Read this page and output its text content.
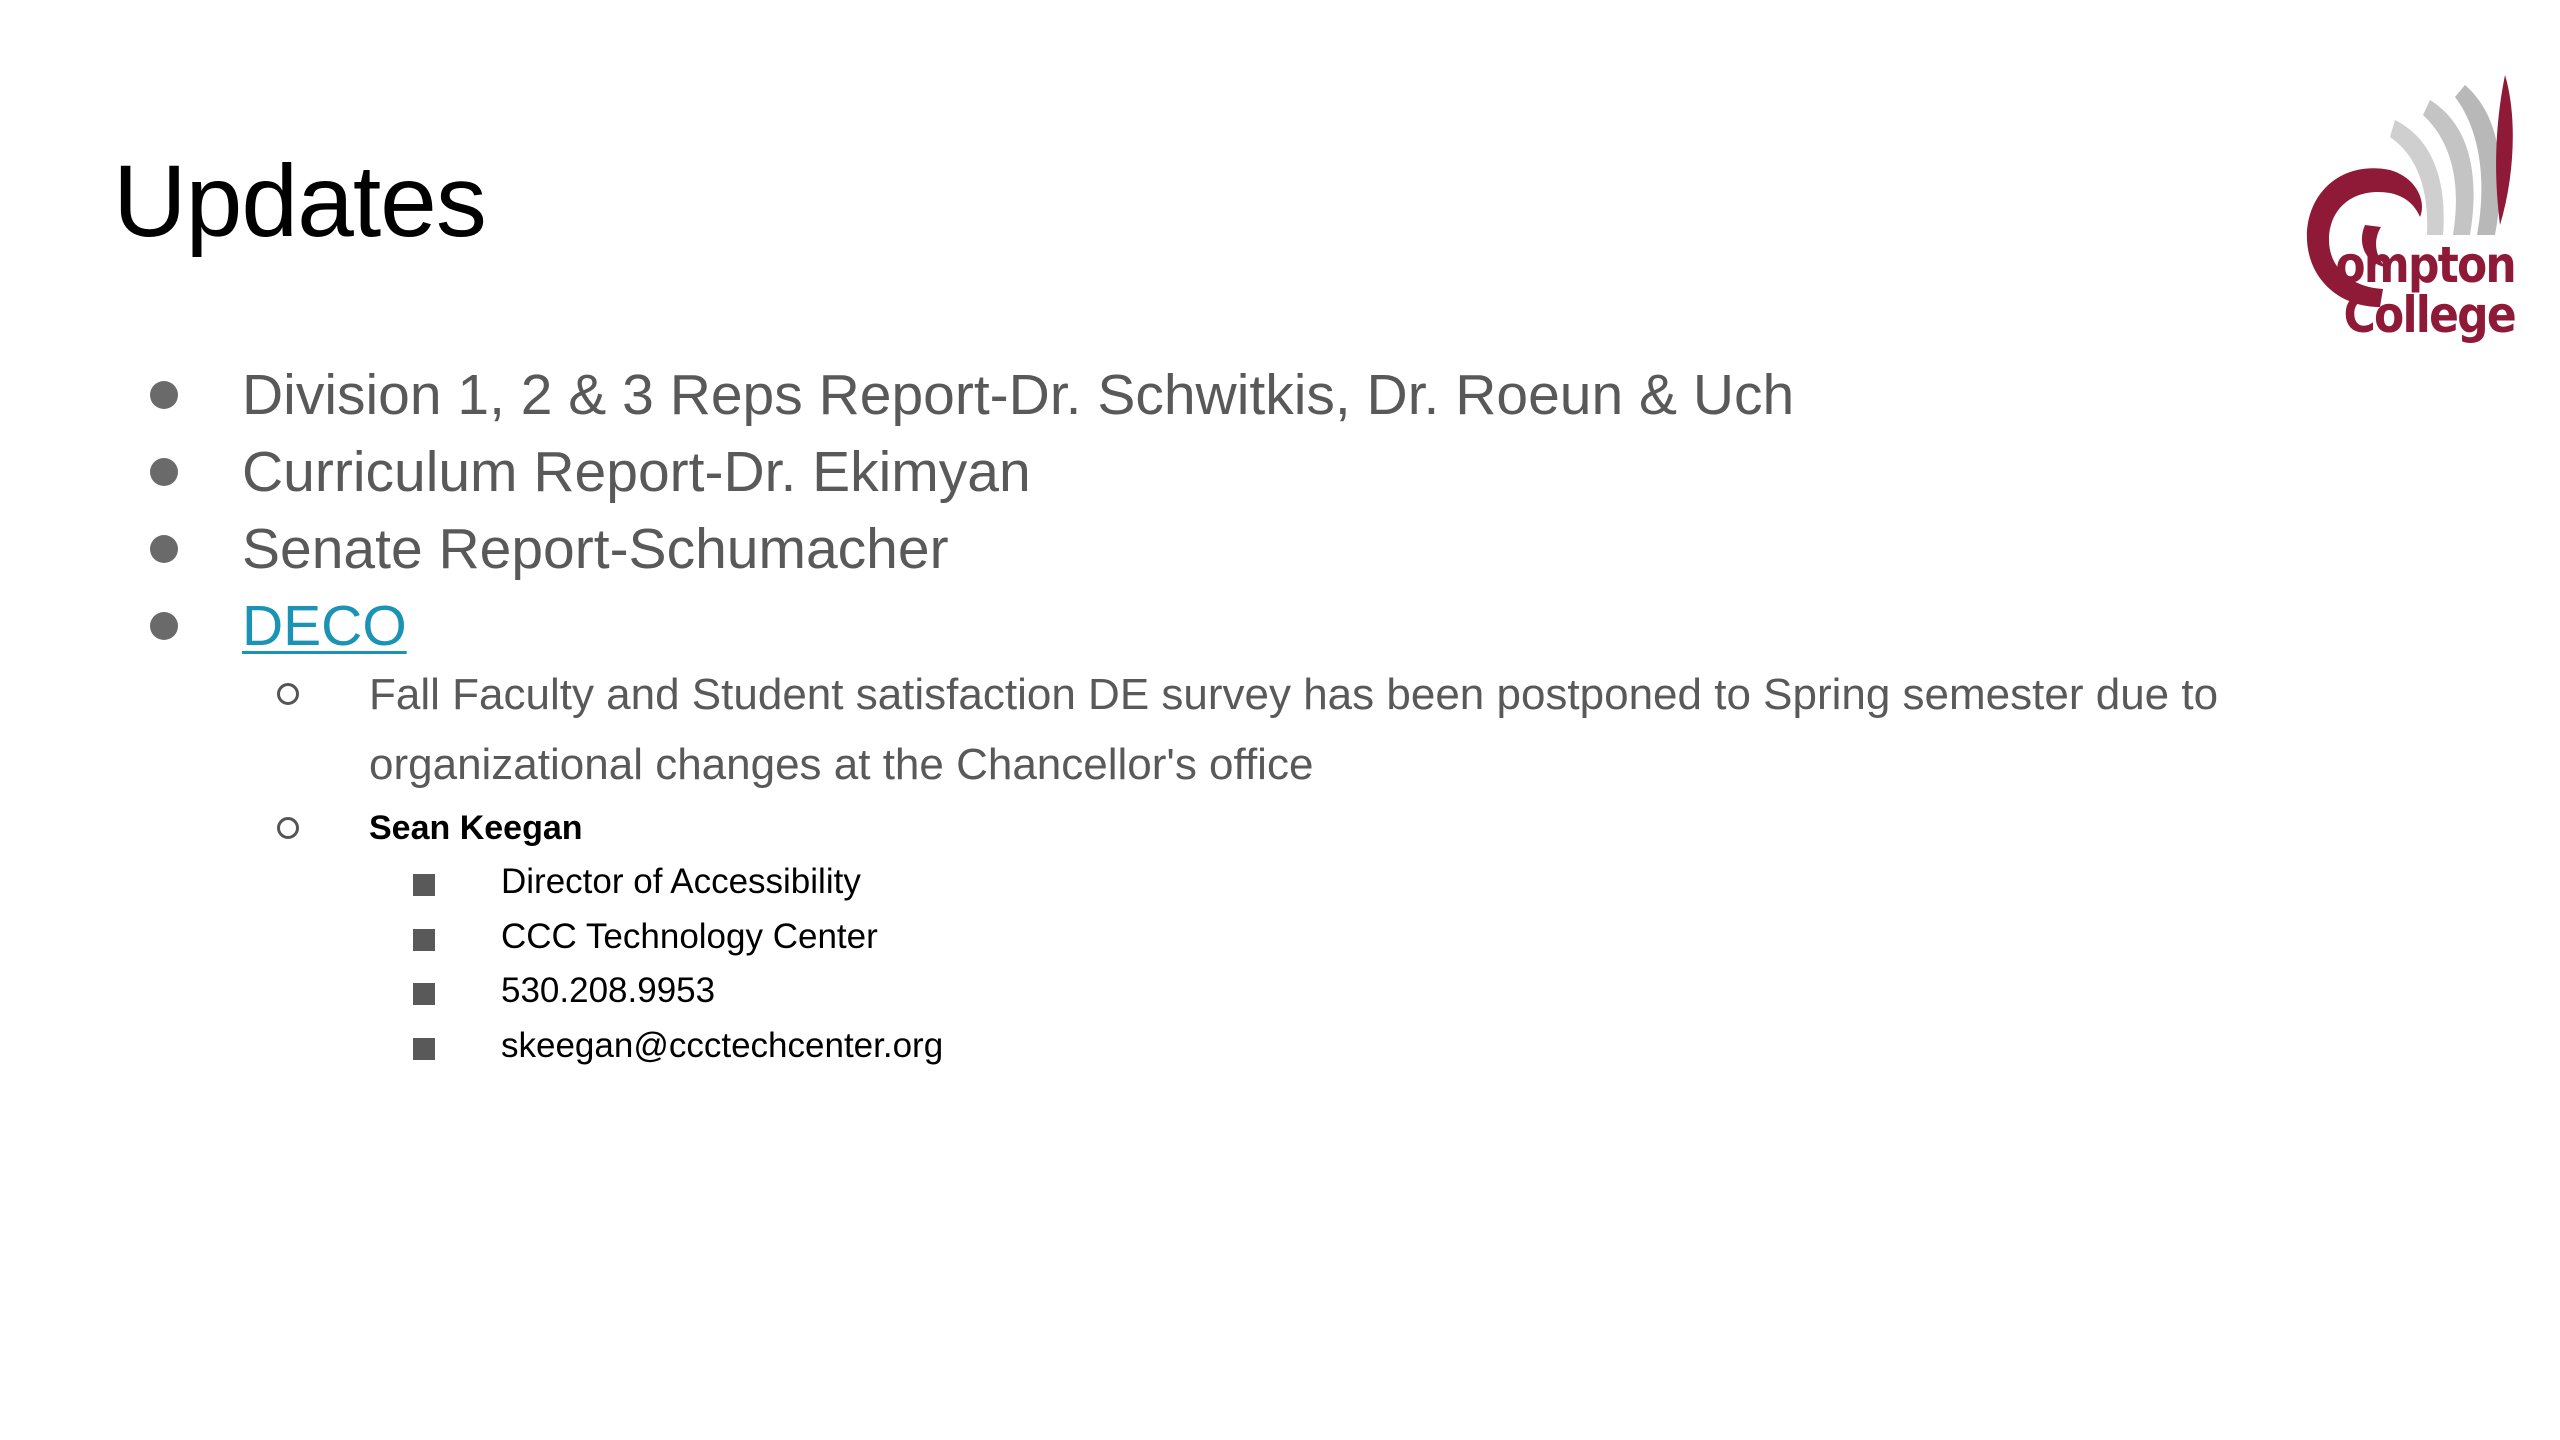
Updates
ompton
College
Division 1, 2 & 3 Reps Report-Dr. Schwitkis, Dr. Roeun & Uch
Curriculum Report-Dr. Ekimyan
Senate Report-Schumacher
DECO
Fall Faculty and Student satisfaction DE survey has been postponed to Spring semester due to organizational changes at the Chancellor's office
Sean Keegan
Director of Accessibility
CCC Technology Center
530.208.9953
skeegan@ccctechcenter.org
